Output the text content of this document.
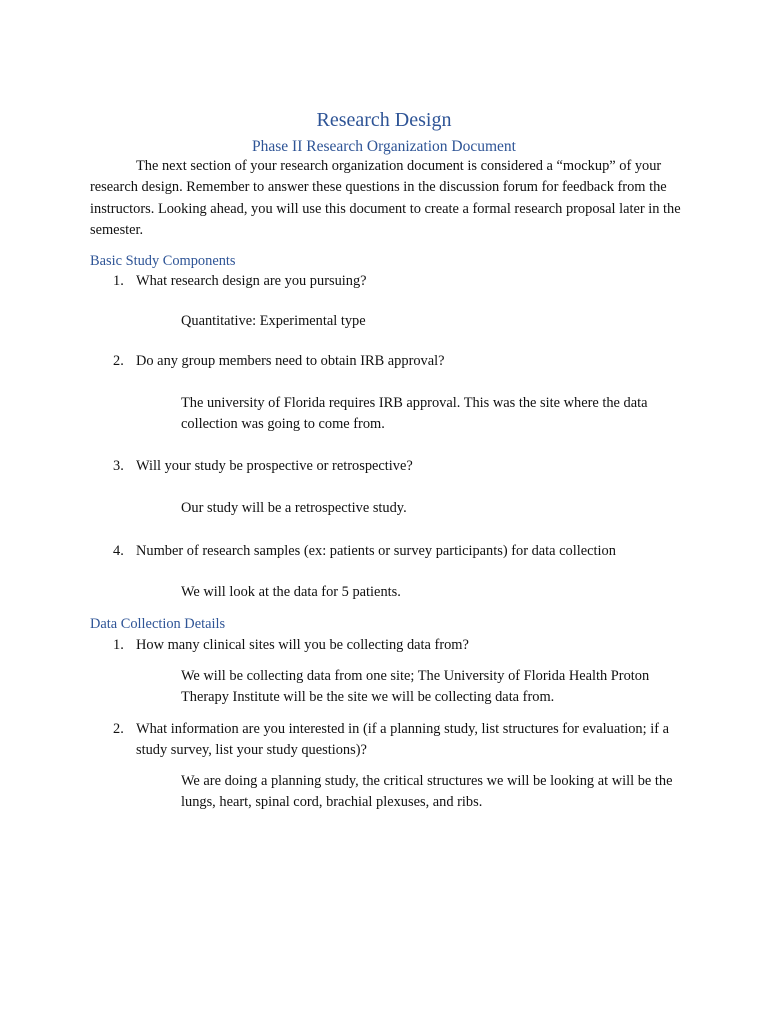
Research Design
Phase II Research Organization Document

The next section of your research organization document is considered a “mockup” of your research design. Remember to answer these questions in the discussion forum for feedback from the instructors. Looking ahead, you will use this document to create a formal research proposal later in the semester.

Basic Study Components
1. What research design are you pursuing?
Quantitative: Experimental type
2. Do any group members need to obtain IRB approval?
The university of Florida requires IRB approval. This was the site where the data collection was going to come from.
3. Will your study be prospective or retrospective?
Our study will be a retrospective study.
4. Number of research samples (ex: patients or survey participants) for data collection
We will look at the data for 5 patients.
Data Collection Details
1. How many clinical sites will you be collecting data from?
We will be collecting data from one site; The University of Florida Health Proton Therapy Institute will be the site we will be collecting data from.
2. What information are you interested in (if a planning study, list structures for evaluation; if a study survey, list your study questions)?
We are doing a planning study, the critical structures we will be looking at will be the lungs, heart, spinal cord, brachial plexuses, and ribs.
